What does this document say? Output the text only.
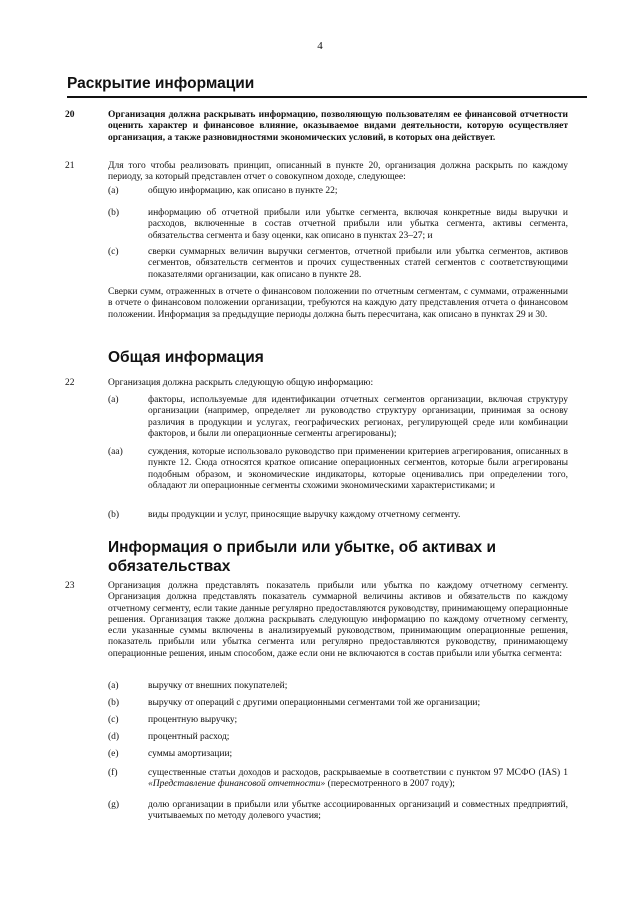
4
Раскрытие информации
20	Организация должна раскрывать информацию, позволяющую пользователям ее финансовой отчетности оценить характер и финансовое влияние, оказываемое видами деятельности, которую осуществляет организация, а также разновидностями экономических условий, в которых она действует.
21	Для того чтобы реализовать принцип, описанный в пункте 20, организация должна раскрыть по каждому периоду, за который представлен отчет о совокупном доходе, следующее:
(a)	общую информацию, как описано в пункте 22;
(b)	информацию об отчетной прибыли или убытке сегмента, включая конкретные виды выручки и расходов, включенные в состав отчетной прибыли или убытка сегмента, активы сегмента, обязательства сегмента и базу оценки, как описано в пунктах 23–27; и
(c)	сверки суммарных величин выручки сегментов, отчетной прибыли или убытка сегментов, активов сегментов, обязательств сегментов и прочих существенных статей сегментов с соответствующими показателями организации, как описано в пункте 28.
Сверки сумм, отраженных в отчете о финансовом положении по отчетным сегментам, с суммами, отраженными в отчете о финансовом положении организации, требуются на каждую дату представления отчета о финансовом положении. Информация за предыдущие периоды должна быть пересчитана, как описано в пунктах 29 и 30.
Общая информация
22	Организация должна раскрыть следующую общую информацию:
(a)	факторы, используемые для идентификации отчетных сегментов организации, включая структуру организации (например, определяет ли руководство структуру организации, принимая за основу различия в продукции и услугах, географических регионах, регулирующей среде или комбинации факторов, и были ли операционные сегменты агрегированы);
(aa)	суждения, которые использовало руководство при применении критериев агрегирования, описанных в пункте 12. Сюда относятся краткое описание операционных сегментов, которые были агрегированы подобным образом, и экономические индикаторы, которые оценивались при определении того, обладают ли операционные сегменты схожими экономическими характеристиками; и
(b)	виды продукции и услуг, приносящие выручку каждому отчетному сегменту.
Информация о прибыли или убытке, об активах и обязательствах
23	Организация должна представлять показатель прибыли или убытка по каждому отчетному сегменту. Организация должна представлять показатель суммарной величины активов и обязательств по каждому отчетному сегменту, если такие данные регулярно предоставляются руководству, принимающему операционные решения. Организация также должна раскрывать следующую информацию по каждому отчетному сегменту, если указанные суммы включены в анализируемый руководством, принимающим операционные решения, показатель прибыли или убытка сегмента или регулярно предоставляются руководству, принимающему операционные решения, иным способом, даже если они не включаются в состав прибыли или убытка сегмента:
(a)	выручку от внешних покупателей;
(b)	выручку от операций с другими операционными сегментами той же организации;
(c)	процентную выручку;
(d)	процентный расход;
(e)	суммы амортизации;
(f)	существенные статьи доходов и расходов, раскрываемые в соответствии с пунктом 97 МСФО (IAS) 1 «Представление финансовой отчетности» (пересмотренного в 2007 году);
(g)	долю организации в прибыли или убытке ассоциированных организаций и совместных предприятий, учитываемых по методу долевого участия;
